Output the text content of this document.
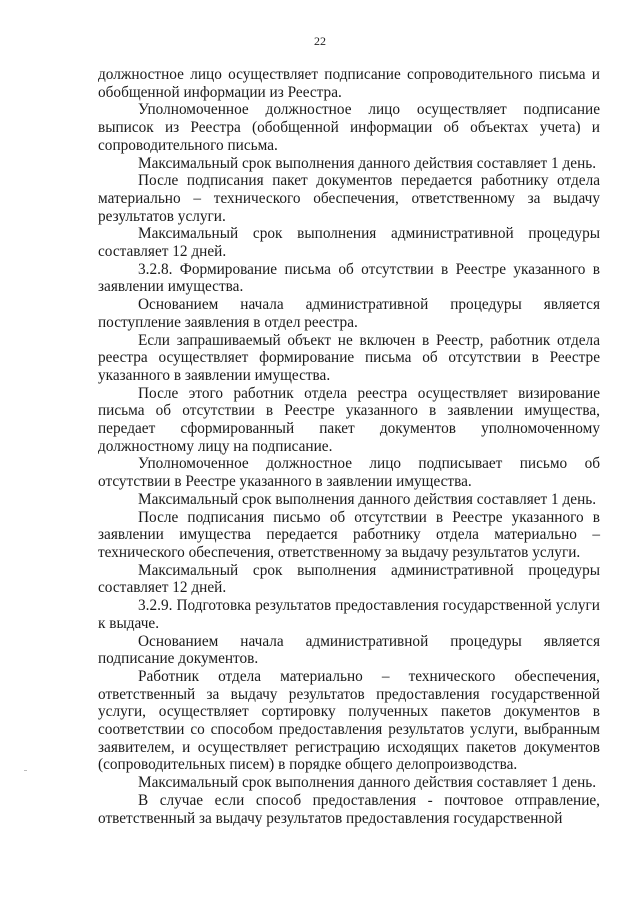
22

должностное лицо осуществляет подписание сопроводительного письма и обобщенной информации из Реестра.

Уполномоченное должностное лицо осуществляет подписание выписок из Реестра (обобщенной информации об объектах учета) и сопроводительного письма.

Максимальный срок выполнения данного действия составляет 1 день.

После подписания пакет документов передается работнику отдела материально – технического обеспечения, ответственному за выдачу результатов услуги.

Максимальный срок выполнения административной процедуры составляет 12 дней.

3.2.8. Формирование письма об отсутствии в Реестре указанного в заявлении имущества.

Основанием начала административной процедуры является поступление заявления в отдел реестра.

Если запрашиваемый объект не включен в Реестр, работник отдела реестра осуществляет формирование письма об отсутствии в Реестре указанного в заявлении имущества.

После этого работник отдела реестра осуществляет визирование письма об отсутствии в Реестре указанного в заявлении имущества, передает сформированный пакет документов уполномоченному должностному лицу на подписание.

Уполномоченное должностное лицо подписывает письмо об отсутствии в Реестре указанного в заявлении имущества.

Максимальный срок выполнения данного действия составляет 1 день.

После подписания письмо об отсутствии в Реестре указанного в заявлении имущества передается работнику отдела материально – технического обеспечения, ответственному за выдачу результатов услуги.

Максимальный срок выполнения административной процедуры составляет 12 дней.

3.2.9. Подготовка результатов предоставления государственной услуги к выдаче.

Основанием начала административной процедуры является подписание документов.

Работник отдела материально – технического обеспечения, ответственный за выдачу результатов предоставления государственной услуги, осуществляет сортировку полученных пакетов документов в соответствии со способом предоставления результатов услуги, выбранным заявителем, и осуществляет регистрацию исходящих пакетов документов (сопроводительных писем) в порядке общего делопроизводства.

Максимальный срок выполнения данного действия составляет 1 день.

В случае если способ предоставления - почтовое отправление, ответственный за выдачу результатов предоставления государственной
